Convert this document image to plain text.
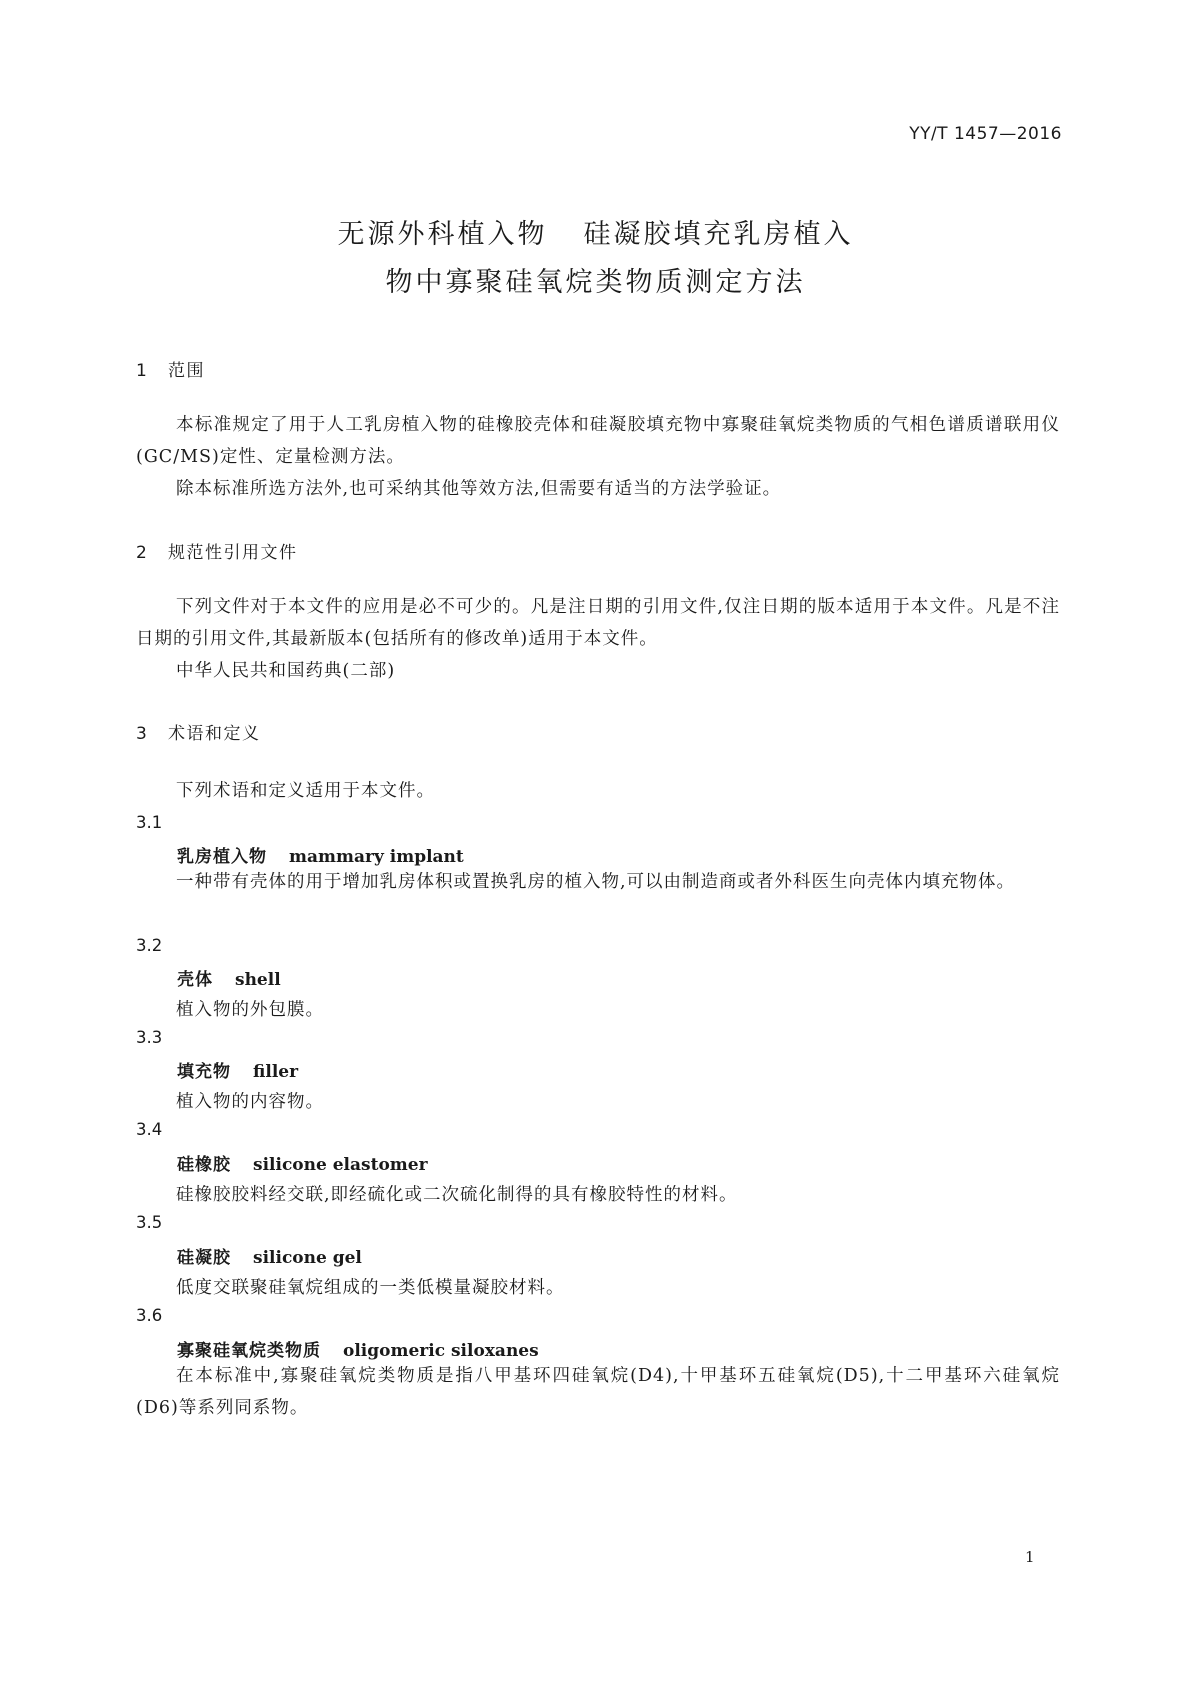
YY/T 1457—2016
无源外科植入物 硅凝胶填充乳房植入
物中寡聚硅氧烷类物质测定方法
1 范围

本标准规定了用于人工乳房植入物的硅橡胶壳体和硅凝胶填充物中寡聚硅氧烷类物质的气相色谱质谱联用仪(GC/MS)定性、定量检测方法。

除本标准所选方法外,也可采纳其他等效方法,但需要有适当的方法学验证。

2 规范性引用文件

下列文件对于本文件的应用是必不可少的。凡是注日期的引用文件,仅注日期的版本适用于本文件。凡是不注日期的引用文件,其最新版本(包括所有的修改单)适用于本文件。

中华人民共和国药典(二部)

3 术语和定义
下列术语和定义适用于本文件。
3.1
乳房植入物 mammary implant

一种带有壳体的用于增加乳房体积或置换乳房的植入物,可以由制造商或者外科医生向壳体内填充物体。

3.2
壳体 shell
植入物的外包膜。
3.3
填充物 filler
植入物的内容物。
3.4
硅橡胶 silicone elastomer
硅橡胶胶料经交联,即经硫化或二次硫化制得的具有橡胶特性的材料。
3.5
硅凝胶 silicone gel
低度交联聚硅氧烷组成的一类低模量凝胶材料。
3.6
寡聚硅氧烷类物质 oligomeric siloxanes

在本标准中,寡聚硅氧烷类物质是指八甲基环四硅氧烷(D4),十甲基环五硅氧烷(D5),十二甲基环六硅氧烷(D6)等系列同系物。

1
